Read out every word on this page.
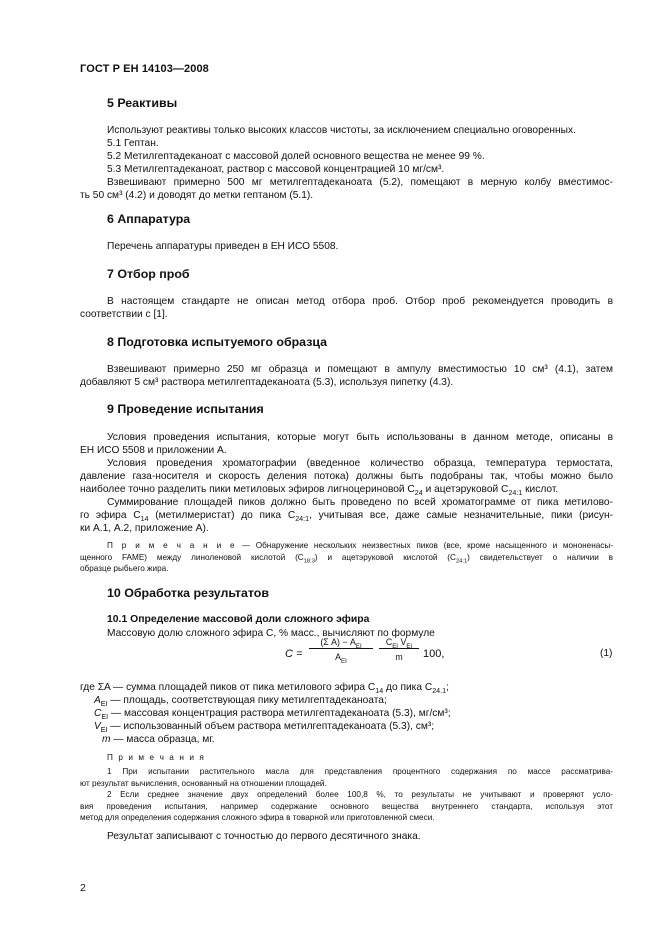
ГОСТ Р ЕН 14103—2008
5 Реактивы
Используют реактивы только высоких классов чистоты, за исключением специально оговоренных.
5.1 Гептан.
5.2 Метилгептадеканоат с массовой долей основного вещества не менее 99 %.
5.3 Метилгептадеканоат, раствор с массовой концентрацией 10 мг/см³.
Взвешивают примерно 500 мг метилгептадеканоата (5.2), помещают в мерную колбу вместимос-
ть 50 см³ (4.2) и доводят до метки гептаном (5.1).
6 Аппаратура
Перечень аппаратуры приведен в ЕН ИСО 5508.
7 Отбор проб
В настоящем стандарте не описан метод отбора проб. Отбор проб рекомендуется проводить в
соответствии с [1].
8 Подготовка испытуемого образца
Взвешивают примерно 250 мг образца и помещают в ампулу вместимостью 10 см³ (4.1), затем
добавляют 5 см³ раствора метилгептадеканоата (5.3), используя пипетку (4.3).
9 Проведение испытания
Условия проведения испытания, которые могут быть использованы в данном методе, описаны в
ЕН ИСО 5508 и приложении А.
Условия проведения хроматографии (введенное количество образца, температура термостата,
давление газа-носителя и скорость деления потока) должны быть подобраны так, чтобы можно было
наиболее точно разделить пики метиловых эфиров лигноцериновой $C_{24}$ и ацетэруковой $C_{24:1}$ кислот.
Суммирование площадей пиков должно быть проведено по всей хроматограмме от пика метилово-
го эфира $C_{14}$ (метилмеристат) до пика $C_{24:1}$, учитывая все, даже самые незначительные, пики (рисун-
ки А.1, А.2, приложение А).
П р и м е ч а н и е — Обнаружение нескольких неизвестных пиков (все, кроме насыщенного и мононенасы-
щенного FAME) между линоленовой кислотой $(C_{18:3})$ и ацетэруковой кислотой $(C_{24:1})$ свидетельствует о наличии в
образце рыбьего жира.
10 Обработка результатов
10.1 Определение массовой доли сложного эфира
Массовую долю сложного эфира C, % масс., вычисляют по формуле
C =
(Σ $A) - A_{EI}$
$A_{EI}$
$C_{EI}$ $V_{EI}$
m	100,	(1)
где ΣA — сумма площадей пиков от пика метилового эфира $C_{14}$ до пика $C_{24.1}$;
$A_{EI}$ — площадь, соответствующая пику метилгептадеканоата;
$C_{EI}$ — массовая концентрация раствора метилгептадеканоата (5.3), мг/см³;
$V_{EI}$ — использованный объем раствора метилгептадеканоата (5.3), см³;
m — масса образца, мг.
П р и м е ч а н и я
1 При испытании растительного масла для представления процентного содержания по массе рассматрива-
ют результат вычисления, основанный на отношении площадей.
2 Если среднее значение двух определений более 100,8 %, то результаты не учитывают и проверяют усло-
вия проведения испытания, например содержание основного вещества внутреннего стандарта, используя этот
метод для определения содержания сложного эфира в товарной или приготовленной смеси.
Результат записывают с точностью до первого десятичного знака.
2
